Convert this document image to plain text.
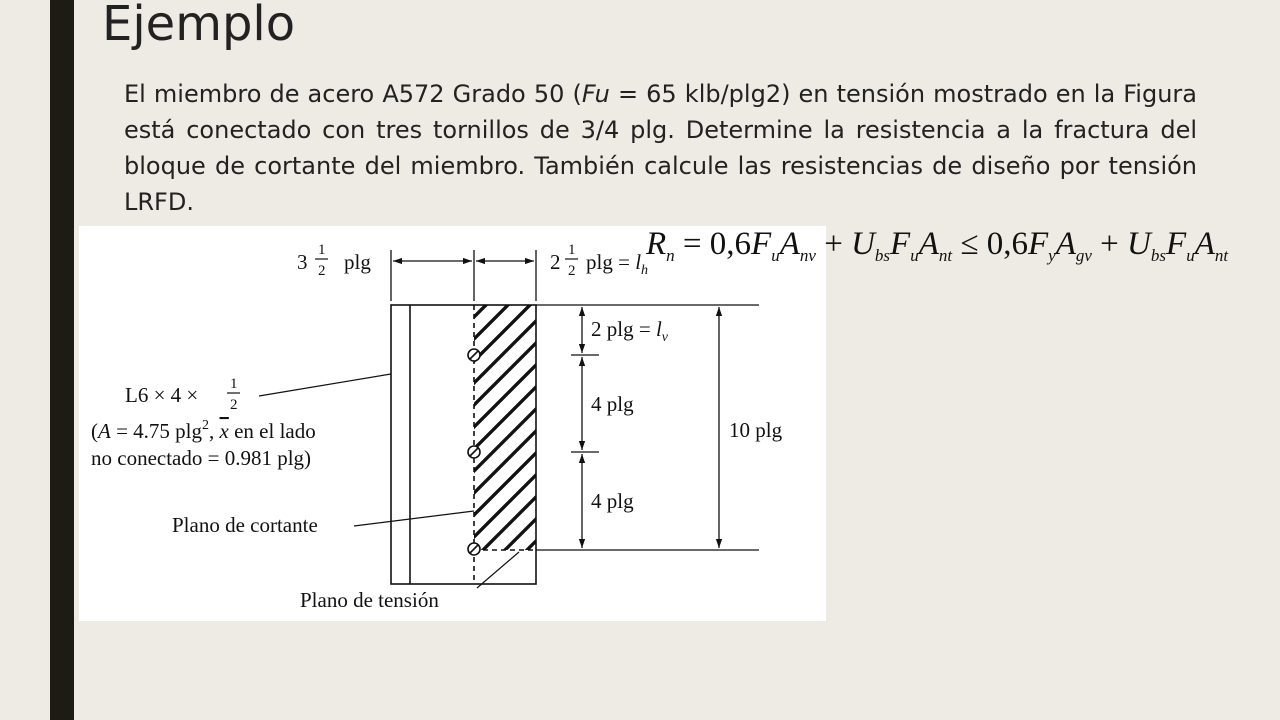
Ejemplo

El miembro de acero A572 Grado 50 (Fu = 65 klb/plg2) en tensión mostrado en la Figura está conectado con tres tornillos de 3/4 plg. Determine la resistencia a la fractura del bloque de cortante del miembro. También calcule las resistencias de diseño por tensión LRFD.

3 1
2 plg	2 1
2 $plg = l_h$
2 $plg = l_v$
4 plg
4 plg
10 plg
L6 × 4 × 1
2
(A = 4.75 plg$^2$, x en el lado
no conectado = 0.981 plg)
Plano de cortante
Plano de tensión
$R_n = 0,6F_uA_{nv} + U_{bs}F_uA_{nt} \le 0,6F_yA_{gv} + U_{bs}F_uA_{nt}$
